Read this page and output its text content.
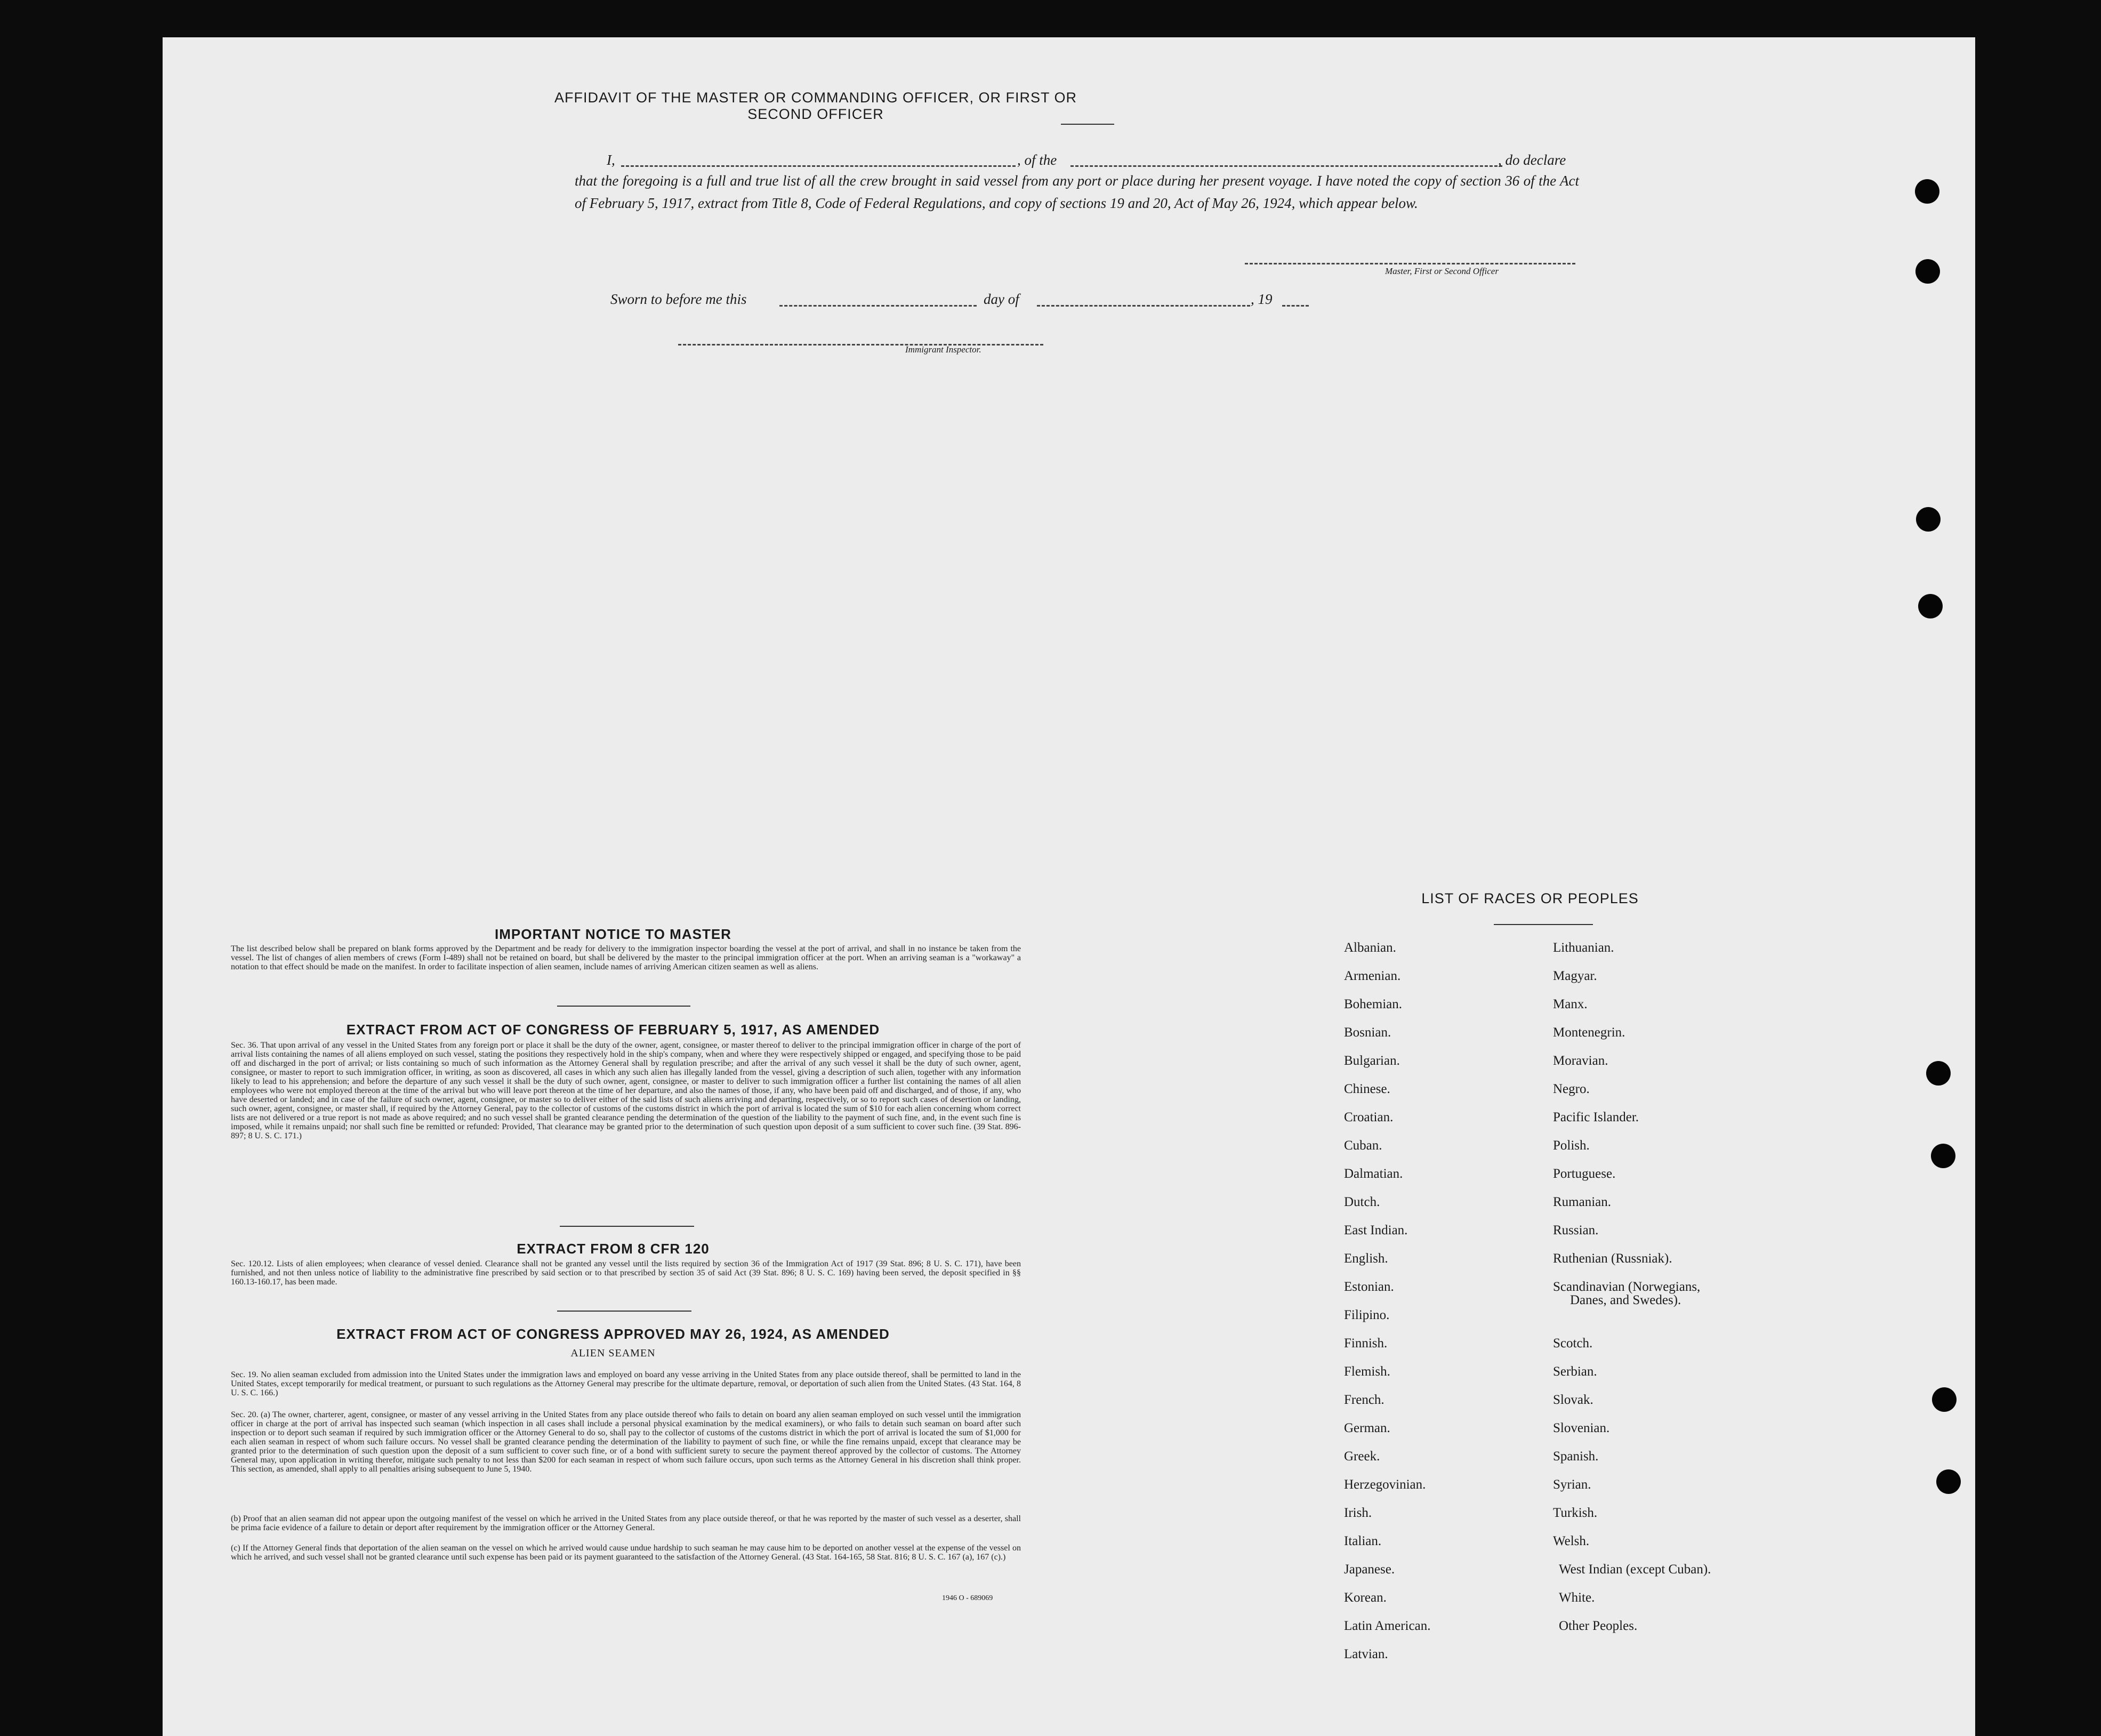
AFFIDAVIT OF THE MASTER OR COMMANDING OFFICER, OR FIRST OR SECOND OFFICER
I,	, of the	, do declare
that the foregoing is a full and true list of all the crew brought in said vessel from any port or place during her present voyage. I have noted the copy of section 36 of the Act of February 5, 1917, extract from Title 8, Code of Federal Regulations, and copy of sections 19 and 20, Act of May 26, 1924, which appear below.
Master, First or Second Officer
Sworn to before me this	day of	, 19
Immigrant Inspector.
IMPORTANT NOTICE TO MASTER
The list described below shall be prepared on blank forms approved by the Department and be ready for delivery to the immigration inspector boarding the vessel at the port of arrival, and shall in no instance be taken from the vessel. The list of changes of alien members of crews (Form I-489) shall not be retained on board, but shall be delivered by the master to the principal immigration officer at the port. When an arriving seaman is a "workaway" a notation to that effect should be made on the manifest. In order to facilitate inspection of alien seamen, include names of arriving American citizen seamen as well as aliens.
EXTRACT FROM ACT OF CONGRESS OF FEBRUARY 5, 1917, AS AMENDED
Sec. 36. That upon arrival of any vessel in the United States from any foreign port or place it shall be the duty of the owner, agent, consignee, or master thereof to deliver to the principal immigration officer in charge of the port of arrival lists containing the names of all aliens employed on such vessel, stating the positions they respectively hold in the ship's company, when and where they were respectively shipped or engaged, and specifying those to be paid off and discharged in the port of arrival; or lists containing so much of such information as the Attorney General shall by regulation prescribe; and after the arrival of any such vessel it shall be the duty of such owner, agent, consignee, or master to report to such immigration officer, in writing, as soon as discovered, all cases in which any such alien has illegally landed from the vessel, giving a description of such alien, together with any information likely to lead to his apprehension; and before the departure of any such vessel it shall be the duty of such owner, agent, consignee, or master to deliver to such immigration officer a further list containing the names of all alien employees who were not employed thereon at the time of the arrival but who will leave port thereon at the time of her departure, and also the names of those, if any, who have been paid off and discharged, and of those, if any, who have deserted or landed; and in case of the failure of such owner, agent, consignee, or master so to deliver either of the said lists of such aliens arriving and departing, respectively, or so to report such cases of desertion or landing, such owner, agent, consignee, or master shall, if required by the Attorney General, pay to the collector of customs of the customs district in which the port of arrival is located the sum of $10 for each alien concerning whom correct lists are not delivered or a true report is not made as above required; and no such vessel shall be granted clearance pending the determination of the question of the liability to the payment of such fine, and, in the event such fine is imposed, while it remains unpaid; nor shall such fine be remitted or refunded: Provided, That clearance may be granted prior to the determination of such question upon deposit of a sum sufficient to cover such fine. (39 Stat. 896-897; 8 U. S. C. 171.)
EXTRACT FROM 8 CFR 120
Sec. 120.12. Lists of alien employees; when clearance of vessel denied. Clearance shall not be granted any vessel until the lists required by section 36 of the Immigration Act of 1917 (39 Stat. 896; 8 U. S. C. 171), have been furnished, and not then unless notice of liability to the administrative fine prescribed by said section or to that prescribed by section 35 of said Act (39 Stat. 896; 8 U. S. C. 169) having been served, the deposit specified in §§ 160.13-160.17, has been made.
EXTRACT FROM ACT OF CONGRESS APPROVED MAY 26, 1924, AS AMENDED
ALIEN SEAMEN
Sec. 19. No alien seaman excluded from admission into the United States under the immigration laws and employed on board any vesse arriving in the United States from any place outside thereof, shall be permitted to land in the United States, except temporarily for medical treatment, or pursuant to such regulations as the Attorney General may prescribe for the ultimate departure, removal, or deportation of such alien from the United States. (43 Stat. 164, 8 U. S. C. 166.)
Sec. 20. (a) The owner, charterer, agent, consignee, or master of any vessel arriving in the United States from any place outside thereof who fails to detain on board any alien seaman employed on such vessel until the immigration officer in charge at the port of arrival has inspected such seaman (which inspection in all cases shall include a personal physical examination by the medical examiners), or who fails to detain such seaman on board after such inspection or to deport such seaman if required by such immigration officer or the Attorney General to do so, shall pay to the collector of customs of the customs district in which the port of arrival is located the sum of $1,000 for each alien seaman in respect of whom such failure occurs. No vessel shall be granted clearance pending the determination of the liability to payment of such fine, or while the fine remains unpaid, except that clearance may be granted prior to the determination of such question upon the deposit of a sum sufficient to cover such fine, or of a bond with sufficient surety to secure the payment thereof approved by the collector of customs. The Attorney General may, upon application in writing therefor, mitigate such penalty to not less than $200 for each seaman in respect of whom such failure occurs, upon such terms as the Attorney General in his discretion shall think proper. This section, as amended, shall apply to all penalties arising subsequent to June 5, 1940.
(b) Proof that an alien seaman did not appear upon the outgoing manifest of the vessel on which he arrived in the United States from any place outside thereof, or that he was reported by the master of such vessel as a deserter, shall be prima facie evidence of a failure to detain or deport after requirement by the immigration officer or the Attorney General.
(c) If the Attorney General finds that deportation of the alien seaman on the vessel on which he arrived would cause undue hardship to such seaman he may cause him to be deported on another vessel at the expense of the vessel on which he arrived, and such vessel shall not be granted clearance until such expense has been paid or its payment guaranteed to the satisfaction of the Attorney General. (43 Stat. 164-165, 58 Stat. 816; 8 U. S. C. 167 (a), 167 (c).)
1946 O - 689069
LIST OF RACES OR PEOPLES
Albanian.
Armenian.
Bohemian.
Bosnian.
Bulgarian.
Chinese.
Croatian.
Cuban.
Dalmatian.
Dutch.
East Indian.
English.
Estonian.
Filipino.
Finnish.
Flemish.
French.
German.
Greek.
Herzegovinian.
Irish.
Italian.
Japanese.
Korean.
Latin American.
Latvian.
Lithuanian.
Magyar.
Manx.
Montenegrin.
Moravian.
Negro.
Pacific Islander.
Polish.
Portuguese.
Rumanian.
Russian.
Ruthenian (Russniak).
Scandinavian (Norwegians,
Danes, and Swedes).
Scotch.
Serbian.
Slovak.
Slovenian.
Spanish.
Syrian.
Turkish.
Welsh.
West Indian (except Cuban).
White.
Other Peoples.
